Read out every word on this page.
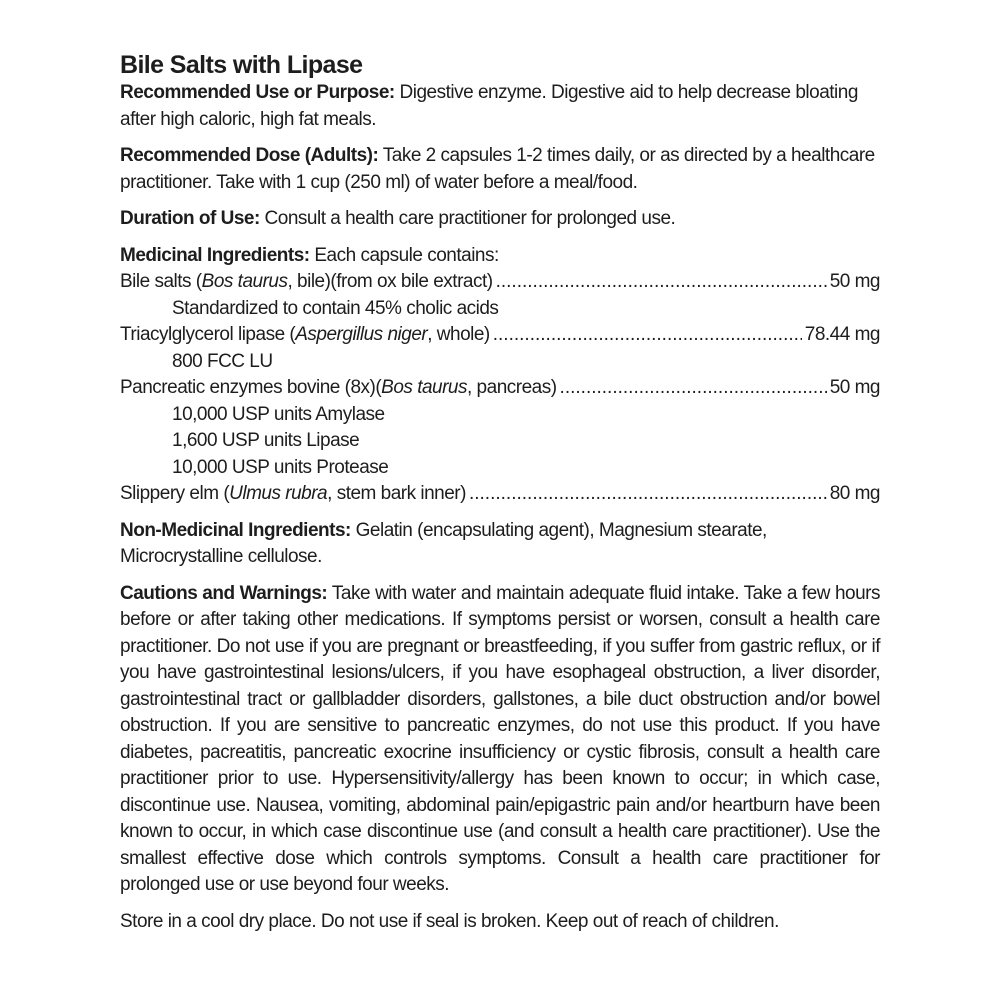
Bile Salts with Lipase

Recommended Use or Purpose: Digestive enzyme. Digestive aid to help decrease bloating after high caloric, high fat meals.

Recommended Dose (Adults): Take 2 capsules 1-2 times daily, or as directed by a healthcare practitioner. Take with 1 cup (250 ml) of water before a meal/food.

Duration of Use: Consult a health care practitioner for prolonged use.

Medicinal Ingredients: Each capsule contains:
Bile salts (Bos taurus, bile)(from ox bile extract) .....	50 mg
Standardized to contain 45% cholic acids
Triacylglycerol lipase (Aspergillus niger, whole) .....	78.44 mg
800 FCC LU
Pancreatic enzymes bovine (8x)(Bos taurus, pancreas) .....	50 mg
10,000 USP units Amylase
1,600 USP units Lipase
10,000 USP units Protease
Slippery elm (Ulmus rubra, stem bark inner) .....	80 mg

Non-Medicinal Ingredients: Gelatin (encapsulating agent), Magnesium stearate, Microcrystalline cellulose.

Cautions and Warnings: Take with water and maintain adequate fluid intake. Take a few hours before or after taking other medications. If symptoms persist or worsen, consult a health care practitioner. Do not use if you are pregnant or breastfeeding, if you suffer from gastric reflux, or if you have gastrointestinal lesions/ulcers, if you have esophageal obstruction, a liver disorder, gastrointestinal tract or gallbladder disorders, gallstones, a bile duct obstruction and/or bowel obstruction. If you are sensitive to pancreatic enzymes, do not use this product. If you have diabetes, pacreatitis, pancreatic exocrine insufficiency or cystic fibrosis, consult a health care practitioner prior to use. Hypersensitivity/allergy has been known to occur; in which case, discontinue use. Nausea, vomiting, abdominal pain/epigastric pain and/or heartburn have been known to occur, in which case discontinue use (and consult a health care practitioner). Use the smallest effective dose which controls symptoms. Consult a health care practitioner for prolonged use or use beyond four weeks.

Store in a cool dry place. Do not use if seal is broken. Keep out of reach of children.
